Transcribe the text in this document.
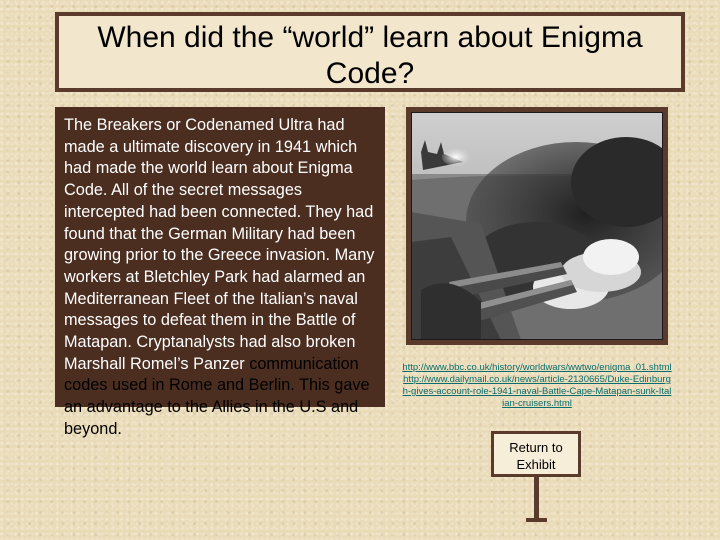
When did the “world” learn about Enigma
Code?

The Breakers or Codenamed Ultra had made a ultimate discovery in 1941 which had made the world learn about Enigma Code. All of the secret messages intercepted had been connected. They had found that the German Military had been growing prior to the Greece invasion. Many workers at Bletchley Park had alarmed an Mediterranean Fleet of the Italian’s naval messages to defeat them in the Battle of Matapan. Cryptanalysts had also broken Marshall Romel’s Panzer communication codes used in Rome and Berlin. This gave an advantage to the Allies in the U.S and beyond.

http://www.bbc.co.uk/history/worldwars/wwtwo/enigma_01.shtml http://www.dailymail.co.uk/news/article-2130665/Duke-Edinburgh-gives-account-role-1941-naval-Battle-Cape-Matapan-sunk-Italian-cruisers.html
Return to Exhibit
